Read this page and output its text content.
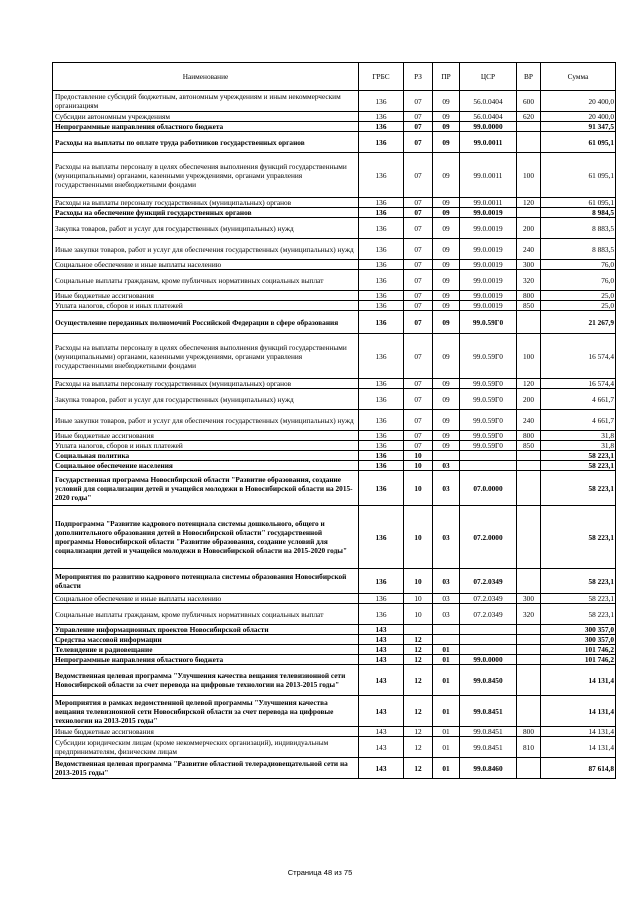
Наименование	ГРБС	РЗ	ПР	ЦСР	ВР	Сумма
Предоставление субсидий бюджетным, автономным учреждениям и иным некоммерческим организациям	136	07	09	56.0.0404	600	20 400,0
Субсидии автономным учреждениям	136	07	09	56.0.0404	620	20 400,0
Непрограммные направления областного бюджета	136	07	09	99.0.0000		91 347,5
Расходы на выплаты по оплате труда работников государственных органов	136	07	09	99.0.0011		61 095,1
Расходы на выплаты персоналу в целях обеспечения выполнения функций государственными (муниципальными) органами, казенными учреждениями, органами управления государственными внебюджетными фондами	136	07	09	99.0.0011	100	61 095,1
Расходы на выплаты персоналу государственных (муниципальных) органов	136	07	09	99.0.0011	120	61 095,1
Расходы на обеспечение функций государственных органов	136	07	09	99.0.0019		8 984,5
Закупка товаров, работ и услуг для государственных (муниципальных) нужд	136	07	09	99.0.0019	200	8 883,5
Иные закупки товаров, работ и услуг для обеспечения государственных (муниципальных) нужд	136	07	09	99.0.0019	240	8 883,5
Социальное обеспечение и иные выплаты населению	136	07	09	99.0.0019	300	76,0
Социальные выплаты гражданам, кроме публичных нормативных социальных выплат	136	07	09	99.0.0019	320	76,0
Иные бюджетные ассигнования	136	07	09	99.0.0019	800	25,0
Уплата налогов, сборов и иных платежей	136	07	09	99.0.0019	850	25,0
Осуществление переданных полномочий Российской Федерации в сфере образования	136	07	09	99.0.59Г0		21 267,9
Расходы на выплаты персоналу в целях обеспечения выполнения функций государственными (муниципальными) органами, казенными учреждениями, органами управления государственными внебюджетными фондами	136	07	09	99.0.59Г0	100	16 574,4
Расходы на выплаты персоналу государственных (муниципальных) органов	136	07	09	99.0.59Г0	120	16 574,4
Закупка товаров, работ и услуг для государственных (муниципальных) нужд	136	07	09	99.0.59Г0	200	4 661,7
Иные закупки товаров, работ и услуг для обеспечения государственных (муниципальных) нужд	136	07	09	99.0.59Г0	240	4 661,7
Иные бюджетные ассигнования	136	07	09	99.0.59Г0	800	31,8
Уплата налогов, сборов и иных платежей	136	07	09	99.0.59Г0	850	31,8
Социальная политика	136	10				58 223,1
Социальное обеспечение населения	136	10	03			58 223,1
Государственная программа Новосибирской области "Развитие образования, создание условий для социализации детей и учащейся молодежи в Новосибирской области на 2015-2020 годы"	136	10	03	07.0.0000		58 223,1
Подпрограмма "Развитие кадрового потенциала системы дошкольного, общего и дополнительного образования детей в Новосибирской области" государственной программы Новосибирской области "Развитие образования, создание условий для социализации детей и учащейся молодежи в Новосибирской области на 2015-2020 годы"	136	10	03	07.2.0000		58 223,1
Мероприятия по развитию кадрового потенциала системы образования Новосибирской области	136	10	03	07.2.0349		58 223,1
Социальное обеспечение и иные выплаты населению	136	10	03	07.2.0349	300	58 223,1
Социальные выплаты гражданам, кроме публичных нормативных социальных выплат	136	10	03	07.2.0349	320	58 223,1
Управление информационных проектов Новосибирской области	143					300 357,0
Средства массовой информации	143	12				300 357,0
Телевидение и радиовещание	143	12	01			101 746,2
Непрограммные направления областного бюджета	143	12	01	99.0.0000		101 746,2
Ведомственная целевая программа "Улучшения качества вещания телевизионной сети Новосибирской области за счет перевода на цифровые технологии на 2013-2015 годы"	143	12	01	99.0.8450		14 131,4
Мероприятия в рамках ведомственной целевой программы "Улучшения качества вещания телевизионной сети Новосибирской области за счет перевода на цифровые технологии на 2013-2015 годы"	143	12	01	99.0.8451		14 131,4
Иные бюджетные ассигнования	143	12	01	99.0.8451	800	14 131,4
Субсидии юридическим лицам (кроме некоммерческих организаций), индивидуальным предпринимателям, физическим лицам	143	12	01	99.0.8451	810	14 131,4
Ведомственная целевая программа "Развитие областной телерадиовещательной сети на 2013-2015 годы"	143	12	01	99.0.8460		87 614,8
Страница 48 из 75
